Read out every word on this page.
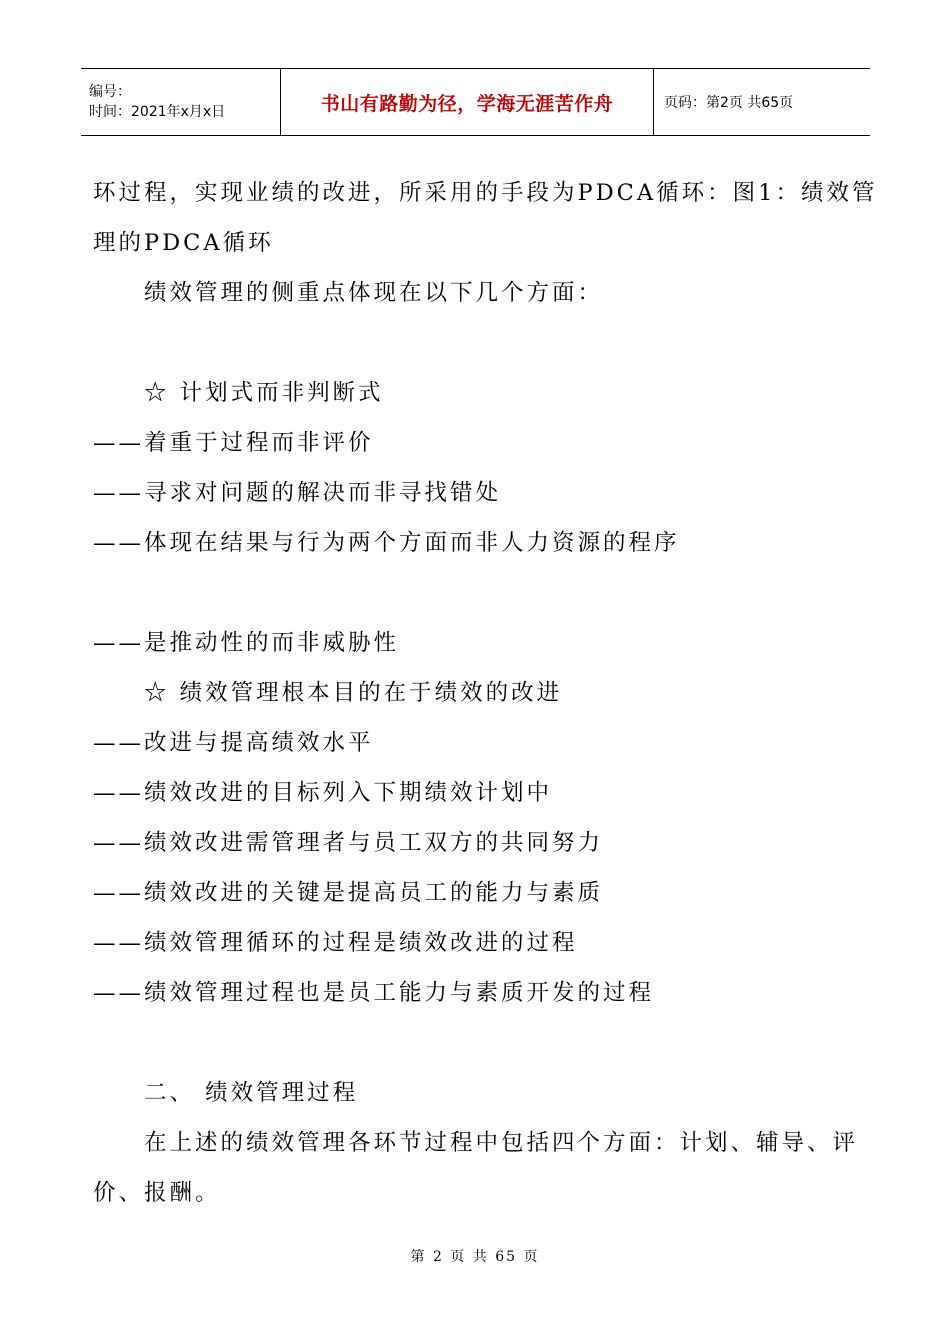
编号：
时间：2021年x月x日	书山有路勤为径，学海无涯苦作舟	页码：第2页 共65页
环过程，实现业绩的改进，所采用的手段为PDCA循环：图1：绩效管
理的PDCA循环
绩效管理的侧重点体现在以下几个方面：
☆ 计划式而非判断式
——着重于过程而非评价
——寻求对问题的解决而非寻找错处
——体现在结果与行为两个方面而非人力资源的程序
——是推动性的而非威胁性
☆ 绩效管理根本目的在于绩效的改进
——改进与提高绩效水平
——绩效改进的目标列入下期绩效计划中
——绩效改进需管理者与员工双方的共同努力
——绩效改进的关键是提高员工的能力与素质
——绩效管理循环的过程是绩效改进的过程
——绩效管理过程也是员工能力与素质开发的过程
二、 绩效管理过程
在上述的绩效管理各环节过程中包括四个方面：计划、辅导、评
价、报酬。
第 2 页 共 65 页
